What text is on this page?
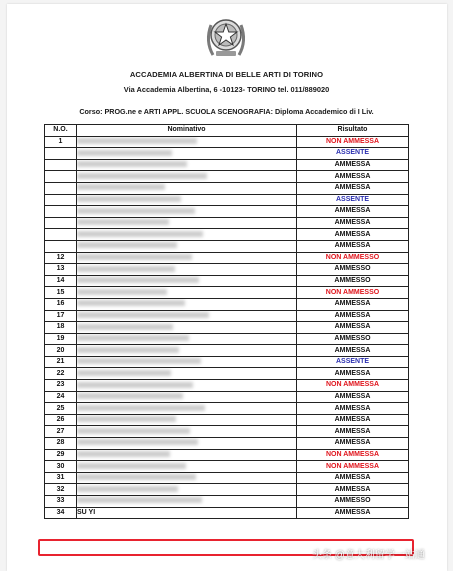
ACCADEMIA ALBERTINA DI BELLE ARTI DI TORINO
Via Accademia Albertina, 6 -10123- TORINO tel. 011/889020
Corso: PROG.ne e ARTI APPL. SCUOLA SCENOGRAFIA: Diploma Accademico di I Liv.
N.O.	Nominativo	Risultato
1		NON AMMESSA
		ASSENTE
		AMMESSA
		AMMESSA
		AMMESSA
		ASSENTE
		AMMESSA
		AMMESSA
		AMMESSA
		AMMESSA
12		NON AMMESSO
13		AMMESSO
14		AMMESSO
15		NON AMMESSO
16		AMMESSA
17		AMMESSA
18		AMMESSA
19		AMMESSO
20		AMMESSA
21		ASSENTE
22		AMMESSA
23		NON AMMESSA
24		AMMESSA
25		AMMESSA
26		AMMESSA
27		AMMESSA
28		AMMESSA
29		NON AMMESSA
30		NON AMMESSA
31		AMMESSA
32		AMMESSA
33		AMMESSO
34	SU YI	AMMESSA
头条 @意大利留学一站通
